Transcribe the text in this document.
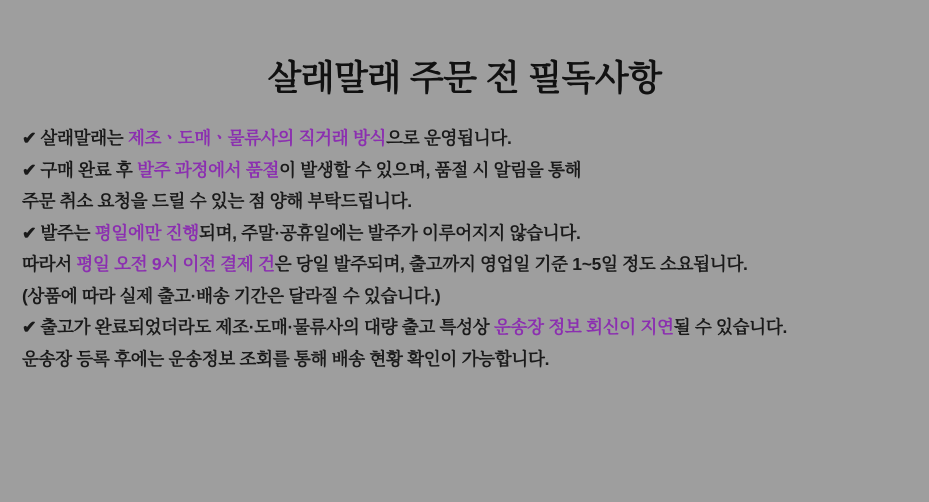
살래말래 주문 전 필독사항
✔ 살래말래는 제조ㆍ도매ㆍ물류사의 직거래 방식으로 운영됩니다.
✔ 구매 완료 후 발주 과정에서 품절이 발생할 수 있으며, 품절 시 알림을 통해
주문 취소 요청을 드릴 수 있는 점 양해 부탁드립니다.
✔ 발주는 평일에만 진행되며, 주말·공휴일에는 발주가 이루어지지 않습니다.
따라서 평일 오전 9시 이전 결제 건은 당일 발주되며, 출고까지 영업일 기준 1~5일 정도 소요됩니다.
(상품에 따라 실제 출고·배송 기간은 달라질 수 있습니다.)
✔ 출고가 완료되었더라도 제조·도매·물류사의 대량 출고 특성상 운송장 정보 회신이 지연될 수 있습니다.
운송장 등록 후에는 운송정보 조회를 통해 배송 현황 확인이 가능합니다.
